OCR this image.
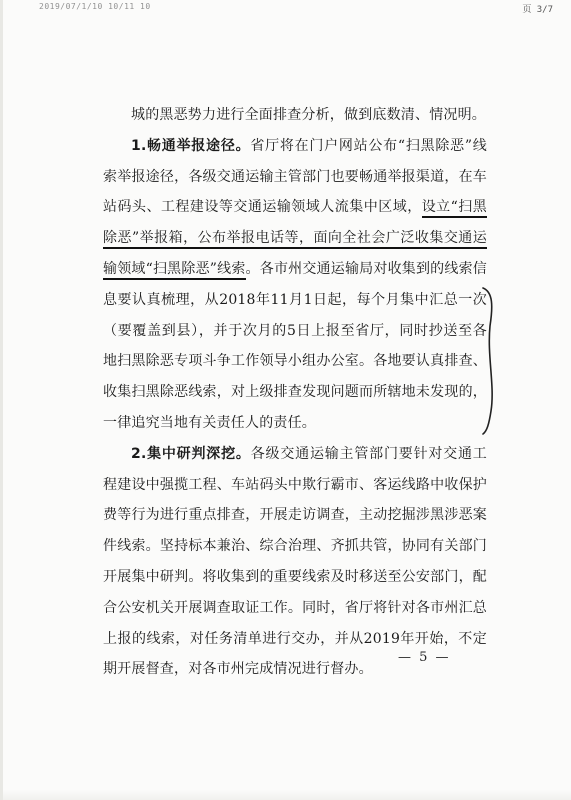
2019/07/1/10 10/11 10	页 3/7

城的黑恶势力进行全面排查分析，做到底数清、情况明。

1.畅通举报途径。省厅将在门户网站公布“扫黑除恶”线索举报途径，各级交通运输主管部门也要畅通举报渠道，在车站码头、工程建设等交通运输领域人流集中区域，设立“扫黑除恶”举报箱，公布举报电话等，面向全社会广泛收集交通运输领域“扫黑除恶”线索。各市州交通运输局对收集到的线索信息要认真梳理，从2018年11月1日起，每个月集中汇总一次（要覆盖到县），并于次月的5日上报至省厅，同时抄送至各地扫黑除恶专项斗争工作领导小组办公室。各地要认真排查、收集扫黑除恶线索，对上级排查发现问题而所辖地未发现的，一律追究当地有关责任人的责任。

2.集中研判深挖。各级交通运输主管部门要针对交通工程建设中强揽工程、车站码头中欺行霸市、客运线路中收保护费等行为进行重点排查，开展走访调查，主动挖掘涉黑涉恶案件线索。坚持标本兼治、综合治理、齐抓共管，协同有关部门开展集中研判。将收集到的重要线索及时移送至公安部门，配合公安机关开展调查取证工作。同时，省厅将针对各市州汇总上报的线索，对任务清单进行交办，并从2019年开始，不定期开展督查，对各市州完成情况进行督办。

— 5 —
